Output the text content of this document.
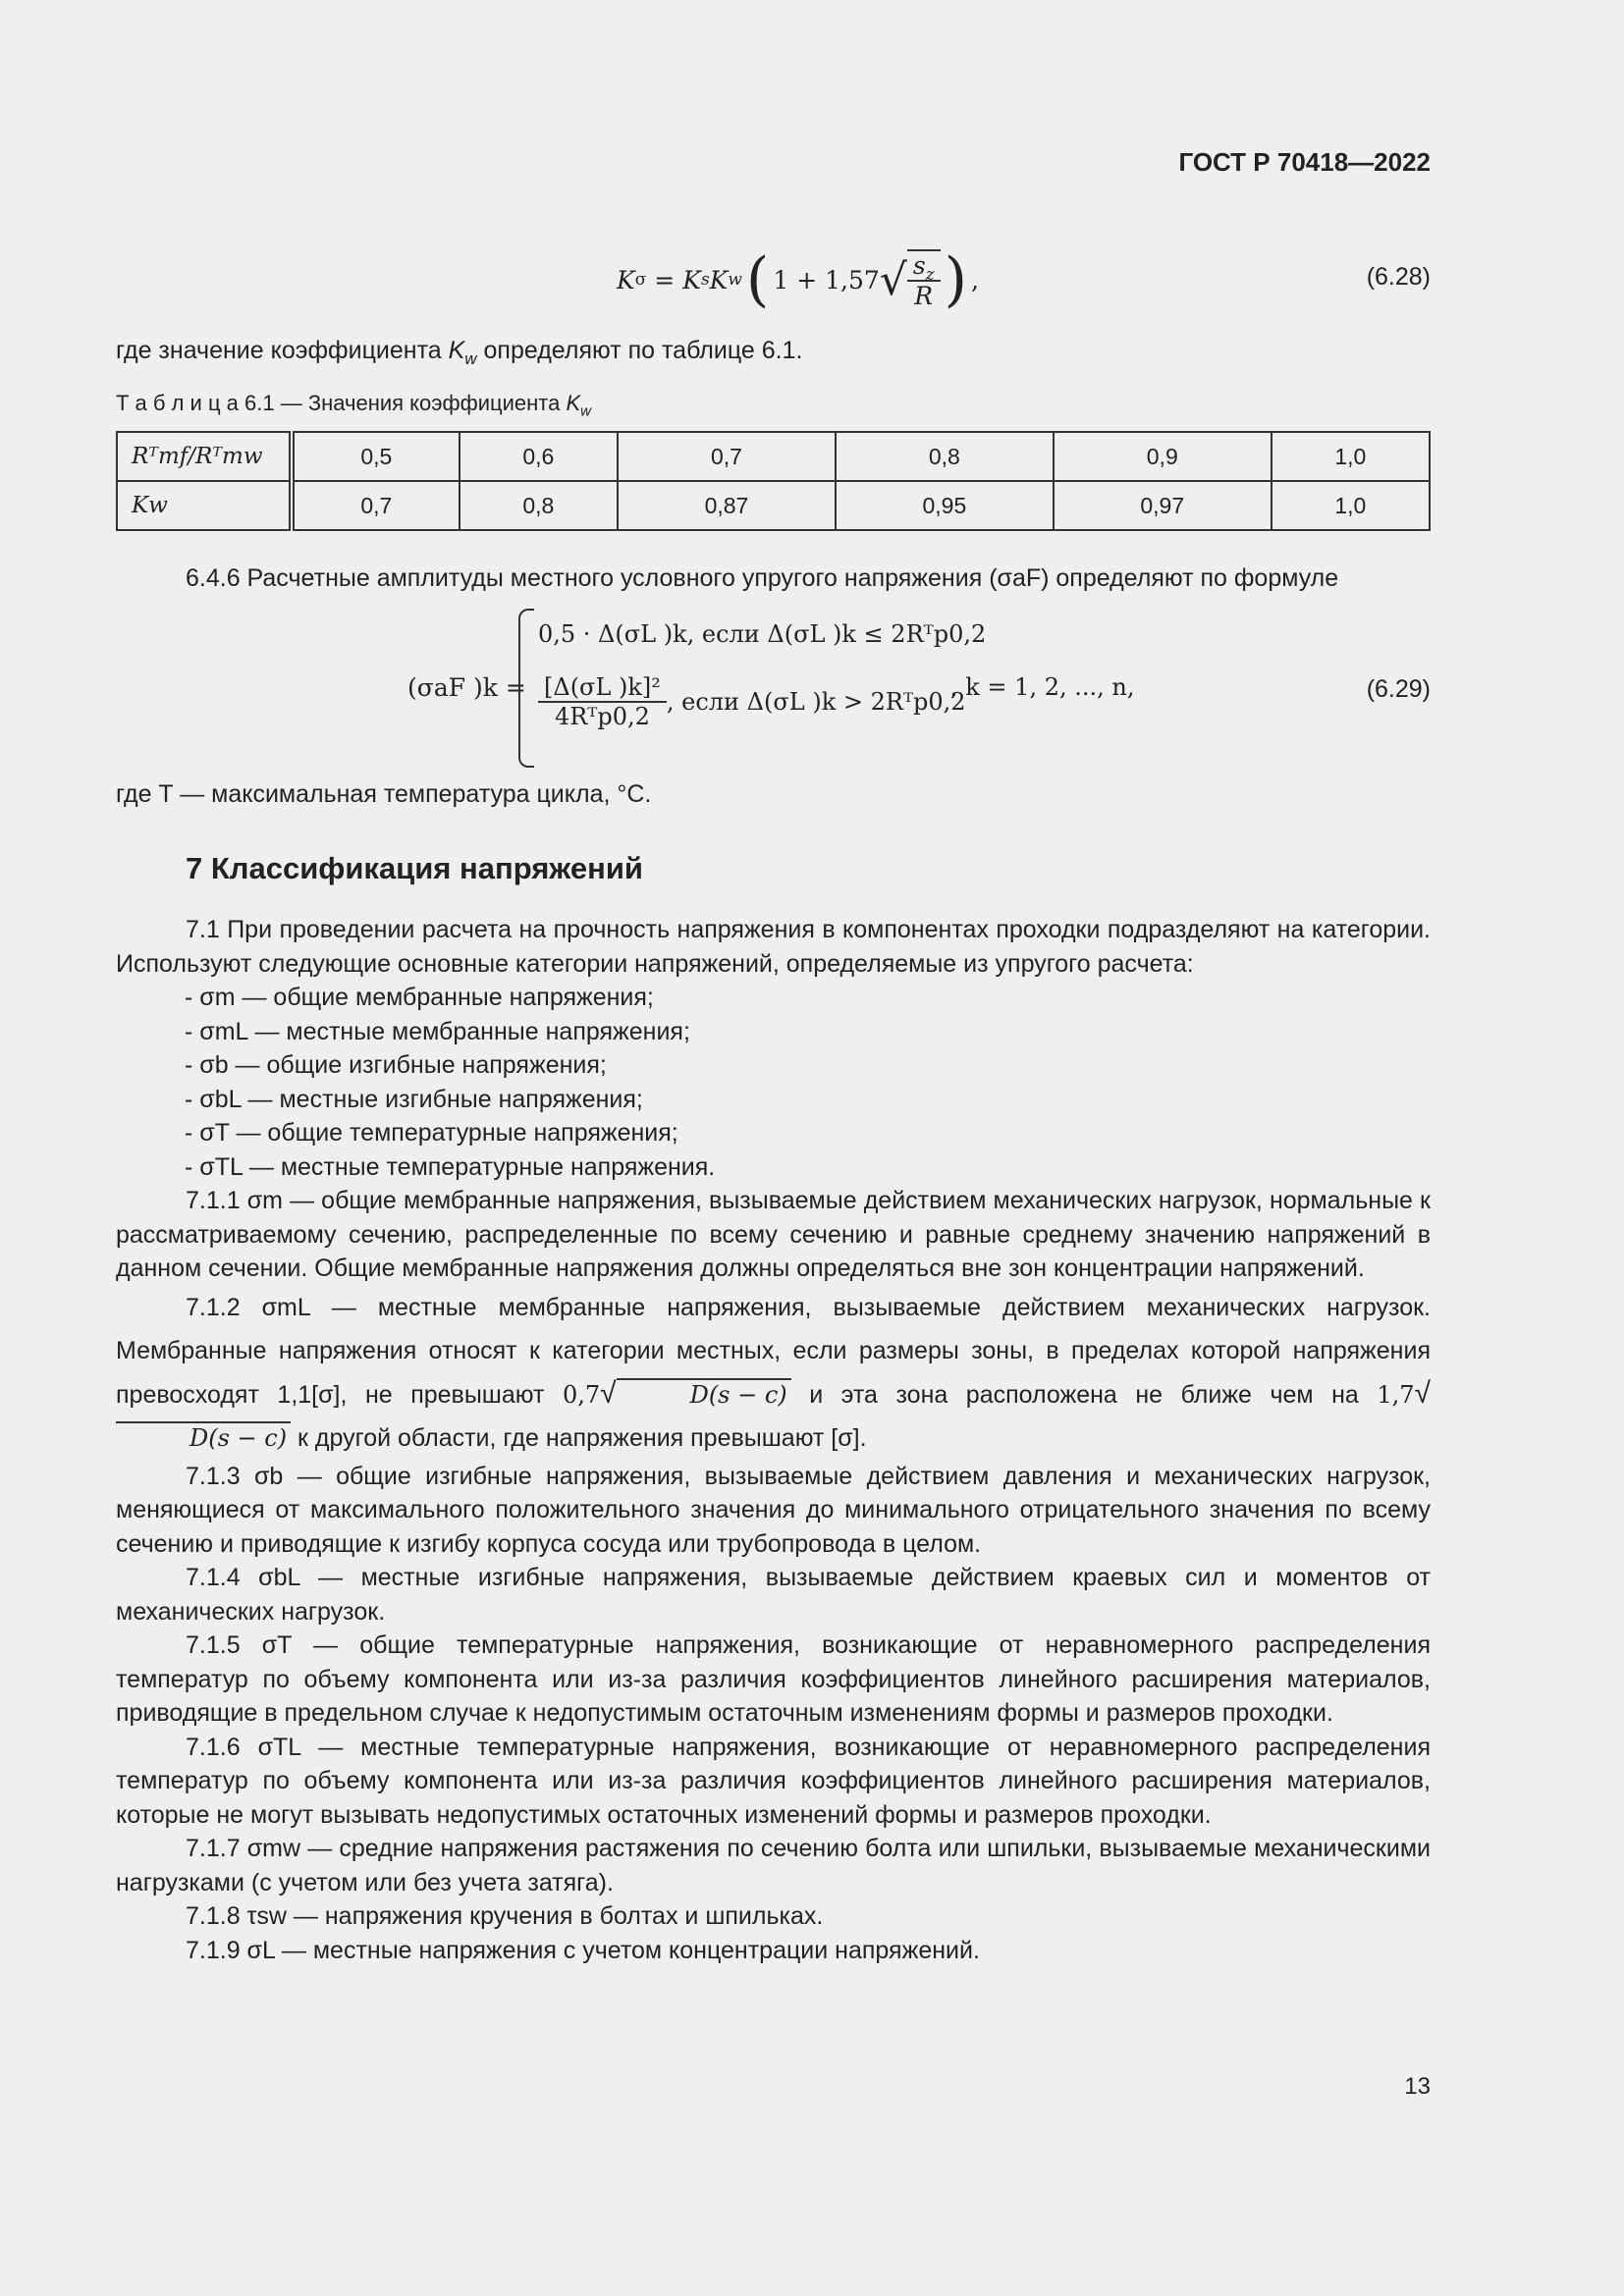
ГОСТ Р 70418—2022
K σ = K s K w ( 1 + 1,57 √ $\frac{s_z}{R}$ ) ,	(6.28)
где значение коэффициента $K_w$ определяют по таблице 6.1.
Т а б л и ц а 6.1 — Значения коэффициента $K_w$
Rᵀmf/Rᵀmw	0,5	0,6	0,7	0,8	0,9	1,0
Kw	0,7	0,8	0,87	0,95	0,97	1,0
6.4.6 Расчетные амплитуды местного условного упругого напряжения (σaF) определяют по формуле
(σaF )k =
0,5 · Δ(σL )k, если Δ(σL )k ≤ 2Rᵀp0,2
$\frac{\text{[Δ(σL )k]²}}{\text{4Rᵀp0,2}}$ , если Δ(σL )k > 2Rᵀp0,2
, k = 1, 2, ..., n,	(6.29)
где T — максимальная температура цикла, °C.
7 Классификация напряжений

7.1 При проведении расчета на прочность напряжения в компонентах проходки подразделяют на категории. Используют следующие основные категории напряжений, определяемые из упругого расчета:

- σm — общие мембранные напряжения;

- σmL — местные мембранные напряжения;

- σb — общие изгибные напряжения;

- σbL — местные изгибные напряжения;

- σT — общие температурные напряжения;

- σTL — местные температурные напряжения.

7.1.1 σm — общие мембранные напряжения, вызываемые действием механических нагрузок, нормальные к рассматриваемому сечению, распределенные по всему сечению и равные среднему значению напряжений в данном сечении. Общие мембранные напряжения должны определяться вне зон концентрации напряжений.

7.1.2 σmL — местные мембранные напряжения, вызываемые действием механических нагрузок. Мембранные напряжения относят к категории местных, если размеры зоны, в пределах которой напряжения превосходят 1,1[σ], не превышают 0,7√	D(s − c) и эта зона расположена не ближе чем на 1,7√D(s − c) к другой области, где напряжения превышают [σ].

7.1.3 σb — общие изгибные напряжения, вызываемые действием давления и механических нагрузок, меняющиеся от максимального положительного значения до минимального отрицательного значения по всему сечению и приводящие к изгибу корпуса сосуда или трубопровода в целом.

7.1.4 σbL — местные изгибные напряжения, вызываемые действием краевых сил и моментов от механических нагрузок.

7.1.5 σT — общие температурные напряжения, возникающие от неравномерного распределения температур по объему компонента или из-за различия коэффициентов линейного расширения материалов, приводящие в предельном случае к недопустимым остаточным изменениям формы и размеров проходки.

7.1.6 σTL — местные температурные напряжения, возникающие от неравномерного распределения температур по объему компонента или из-за различия коэффициентов линейного расширения материалов, которые не могут вызывать недопустимых остаточных изменений формы и размеров проходки.

7.1.7 σmw — средние напряжения растяжения по сечению болта или шпильки, вызываемые механическими нагрузками (с учетом или без учета затяга).

7.1.8 τsw — напряжения кручения в болтах и шпильках.

7.1.9 σL — местные напряжения с учетом концентрации напряжений.

13
